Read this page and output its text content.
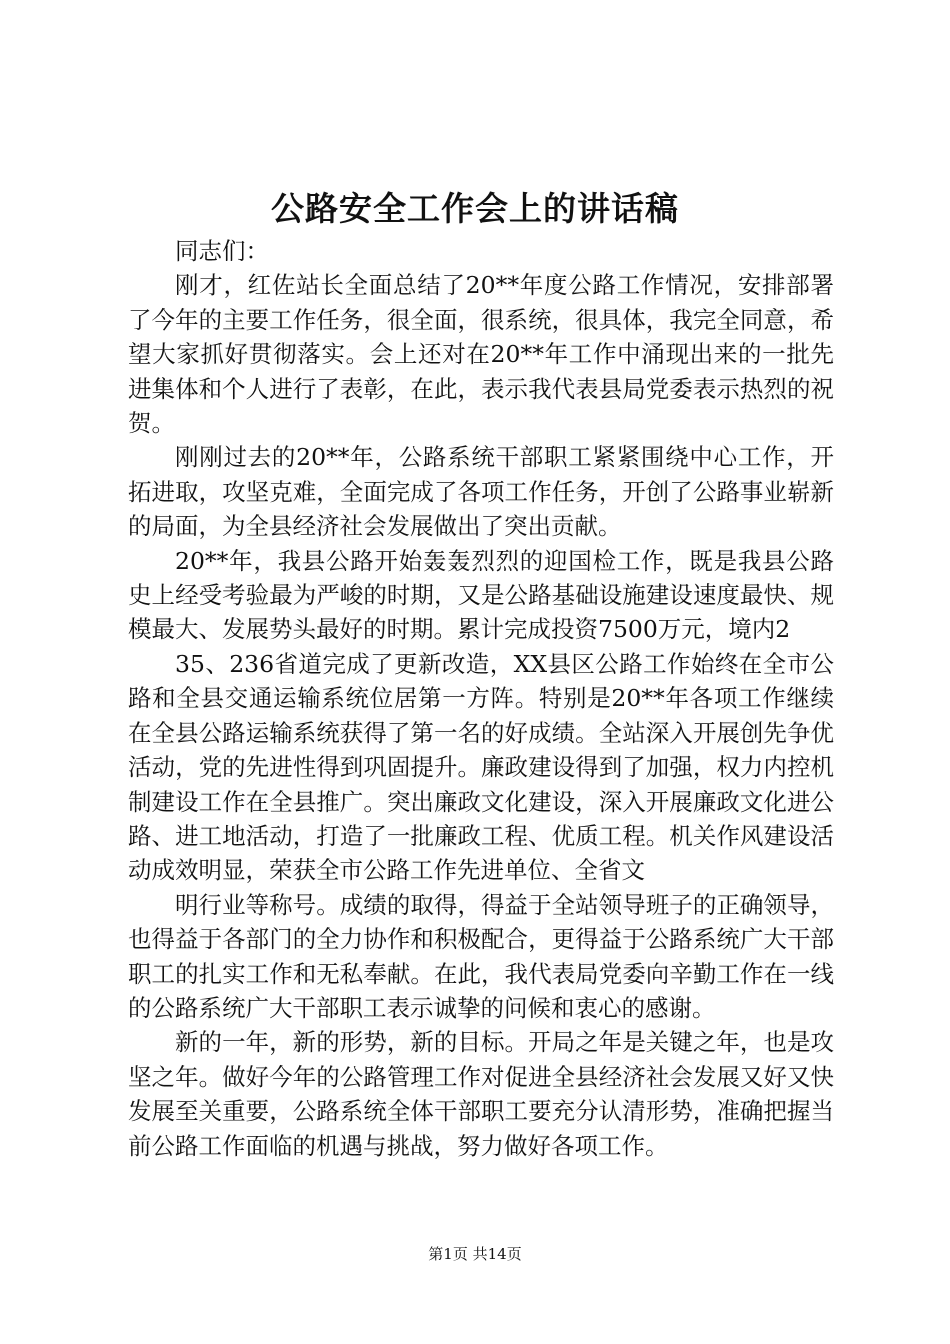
公路安全工作会上的讲话稿

同志们：

刚才，红佐站长全面总结了20**年度公路工作情况，安排部署了今年的主要工作任务，很全面，很系统，很具体，我完全同意，希望大家抓好贯彻落实。会上还对在20**年工作中涌现出来的一批先进集体和个人进行了表彰，在此，表示我代表县局党委表示热烈的祝贺。

刚刚过去的20**年，公路系统干部职工紧紧围绕中心工作，开拓进取，攻坚克难，全面完成了各项工作任务，开创了公路事业崭新的局面，为全县经济社会发展做出了突出贡献。

20**年，我县公路开始轰轰烈烈的迎国检工作，既是我县公路史上经受考验最为严峻的时期，又是公路基础设施建设速度最快、规模最大、发展势头最好的时期。累计完成投资7500万元，境内2

35、236省道完成了更新改造，XX县区公路工作始终在全市公路和全县交通运输系统位居第一方阵。特别是20**年各项工作继续在全县公路运输系统获得了第一名的好成绩。全站深入开展创先争优活动，党的先进性得到巩固提升。廉政建设得到了加强，权力内控机制建设工作在全县推广。突出廉政文化建设，深入开展廉政文化进公路、进工地活动，打造了一批廉政工程、优质工程。机关作风建设活动成效明显，荣获全市公路工作先进单位、全省文

明行业等称号。成绩的取得，得益于全站领导班子的正确领导，也得益于各部门的全力协作和积极配合，更得益于公路系统广大干部职工的扎实工作和无私奉献。在此，我代表局党委向辛勤工作在一线的公路系统广大干部职工表示诚挚的问候和衷心的感谢。

新的一年，新的形势，新的目标。开局之年是关键之年，也是攻坚之年。做好今年的公路管理工作对促进全县经济社会发展又好又快发展至关重要，公路系统全体干部职工要充分认清形势，准确把握当前公路工作面临的机遇与挑战，努力做好各项工作。

第1页 共14页
